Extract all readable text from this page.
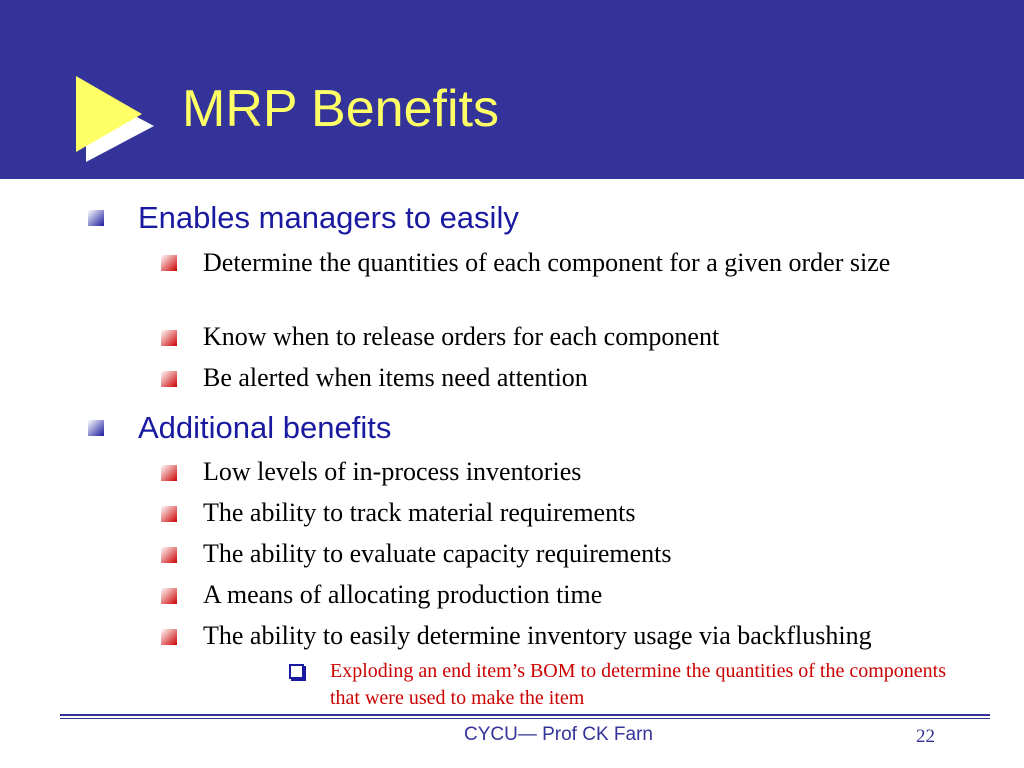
MRP Benefits
Enables managers to easily
Determine the quantities of each component for a given order size
Know when to release orders for each component
Be alerted when items need attention
Additional benefits
Low levels of in-process inventories
The ability to track material requirements
The ability to evaluate capacity requirements
A means of allocating production time
The ability to easily determine inventory usage via backflushing
Exploding an end item’s BOM to determine the quantities of the components that were used to make the item
CYCU— Prof CK Farn	22
